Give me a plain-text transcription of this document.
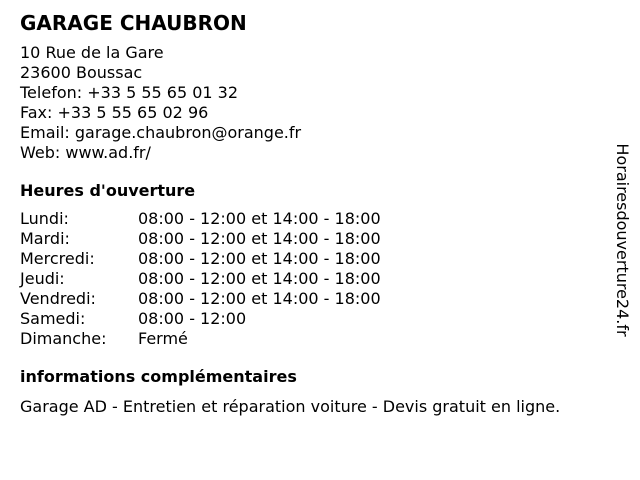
GARAGE CHAUBRON
10 Rue de la Gare
23600 Boussac
Telefon: +33 5 55 65 01 32
Fax: +33 5 55 65 02 96
Email: garage.chaubron@orange.fr
Web: www.ad.fr/
Heures d'ouverture
Lundi:	08:00 - 12:00 et 14:00 - 18:00
Mardi:	08:00 - 12:00 et 14:00 - 18:00
Mercredi:	08:00 - 12:00 et 14:00 - 18:00
Jeudi:	08:00 - 12:00 et 14:00 - 18:00
Vendredi:	08:00 - 12:00 et 14:00 - 18:00
Samedi:	08:00 - 12:00
Dimanche:	Fermé
informations complémentaires
Garage AD - Entretien et réparation voiture - Devis gratuit en ligne.
Horairesdouverture24.fr
